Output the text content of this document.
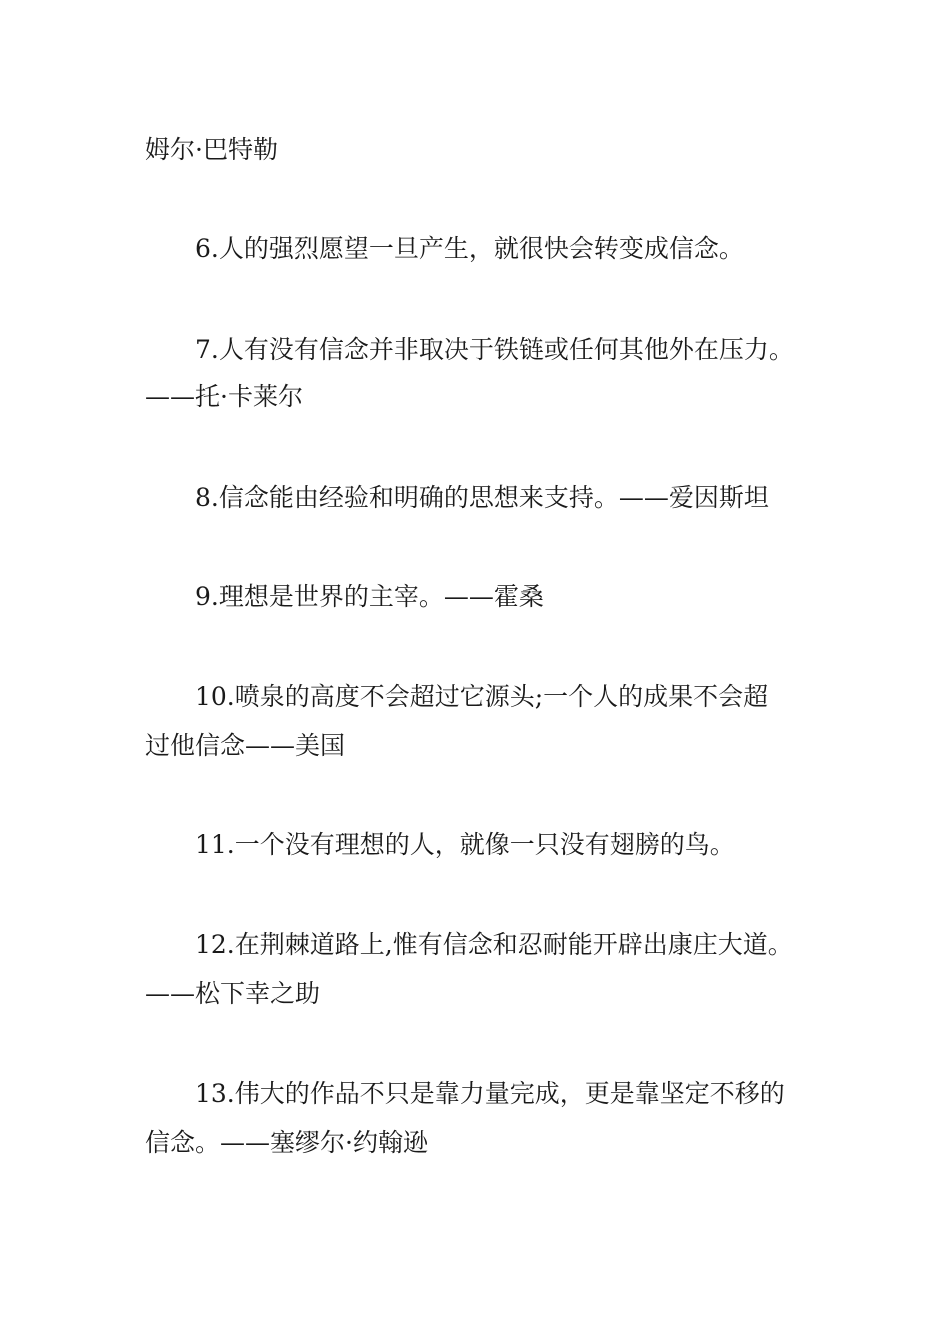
姆尔·巴特勒
6.人的强烈愿望一旦产生，就很快会转变成信念。
7.人有没有信念并非取决于铁链或任何其他外在压力。
——托·卡莱尔
8.信念能由经验和明确的思想来支持。——爱因斯坦
9.理想是世界的主宰。——霍桑
10.喷泉的高度不会超过它源头;一个人的成果不会超
过他信念——美国
11.一个没有理想的人，就像一只没有翅膀的鸟。
12.在荆棘道路上,惟有信念和忍耐能开辟出康庄大道。
——松下幸之助
13.伟大的作品不只是靠力量完成，更是靠坚定不移的
信念。——塞缪尔·约翰逊
